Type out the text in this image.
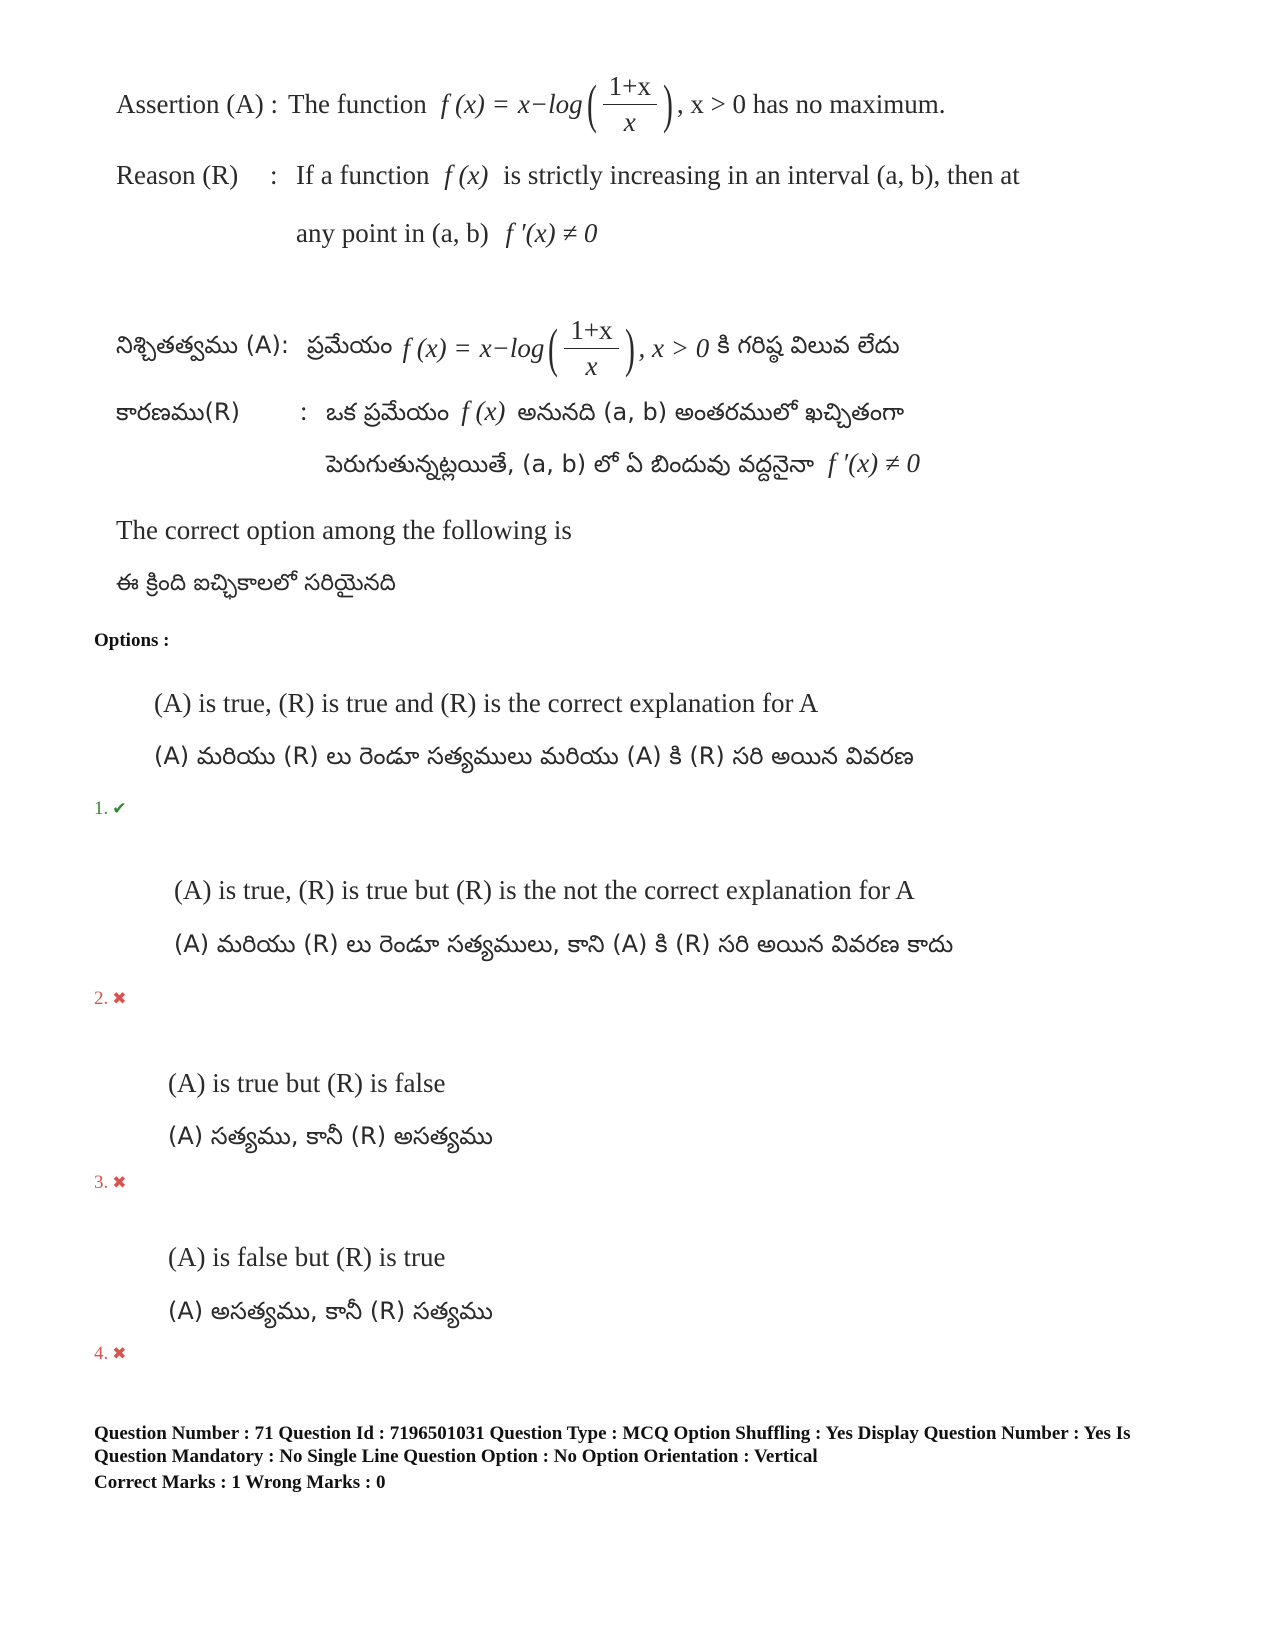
Assertion (A) : The function f (x) = x −log ( $\frac{1+x}{x}$ ) , x > 0 has no maximum.
Reason (R) : If a function f (x) is strictly increasing in an interval (a, b), then at
any point in (a, b) f ′(x) ≠ 0
నిశ్చితత్వము (A): ప్రమేయం f (x) = x −log ( $\frac{1+x}{x}$ ) , x > 0 కి గరిష్ఠ విలువ లేదు
కారణము(R) : ఒక ప్రమేయం f (x) అనునది (a, b) అంతరములో ఖచ్చితంగా
పెరుగుతున్నట్లయితే, (a, b) లో ఏ బిందువు వద్దనైనా f ′(x) ≠ 0
The correct option among the following is
ఈ క్రింది ఐచ్ఛికాలలో సరియైనది
Options :
(A) is true, (R) is true and (R) is the correct explanation for A
(A) మరియు (R) లు రెండూ సత్యములు మరియు (A) కి (R) సరి అయిన వివరణ
1. ✔
(A) is true, (R) is true but (R) is the not the correct explanation for A
(A) మరియు (R) లు రెండూ సత్యములు, కాని (A) కి (R) సరి అయిన వివరణ కాదు
2. ✖
(A) is true but (R) is false
(A) సత్యము, కానీ (R) అసత్యము
3. ✖
(A) is false but (R) is true
(A) అసత్యము, కానీ (R) సత్యము
4. ✖
Question Number : 71 Question Id : 7196501031 Question Type : MCQ Option Shuffling : Yes Display Question Number : Yes Is
Question Mandatory : No Single Line Question Option : No Option Orientation : Vertical
Correct Marks : 1 Wrong Marks : 0
